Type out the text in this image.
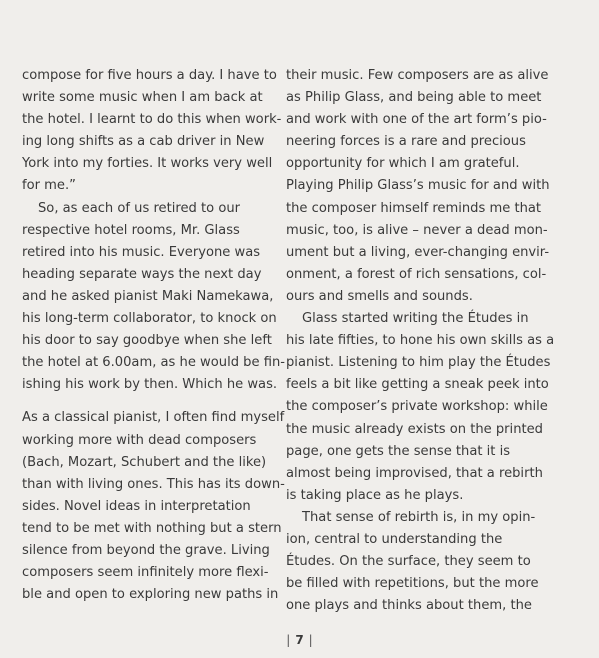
compose for five hours a day. I have to
write some music when I am back at
the hotel. I learnt to do this when work-
ing long shifts as a cab driver in New
York into my forties. It works very well
for me.”
So, as each of us retired to our
respective hotel rooms, Mr. Glass
retired into his music. Everyone was
heading separate ways the next day
and he asked pianist Maki Namekawa,
his long-term collaborator, to knock on
his door to say goodbye when she left
the hotel at 6.00am, as he would be fin-
ishing his work by then. Which he was.
As a classical pianist, I often find myself
working more with dead composers
(Bach, Mozart, Schubert and the like)
than with living ones. This has its down-
sides. Novel ideas in interpretation
tend to be met with nothing but a stern
silence from beyond the grave. Living
composers seem infinitely more flexi-
ble and open to exploring new paths in
their music. Few composers are as alive
as Philip Glass, and being able to meet
and work with one of the art form’s pio-
neering forces is a rare and precious
opportunity for which I am grateful.
Playing Philip Glass’s music for and with
the composer himself reminds me that
music, too, is alive – never a dead mon-
ument but a living, ever-changing envir-
onment, a forest of rich sensations, col-
ours and smells and sounds.
Glass started writing the Études in
his late fifties, to hone his own skills as a
pianist. Listening to him play the Études
feels a bit like getting a sneak peek into
the composer’s private workshop: while
the music already exists on the printed
page, one gets the sense that it is
almost being improvised, that a rebirth
is taking place as he plays.
That sense of rebirth is, in my opin-
ion, central to understanding the
Études. On the surface, they seem to
be filled with repetitions, but the more
one plays and thinks about them, the
| 7 |
